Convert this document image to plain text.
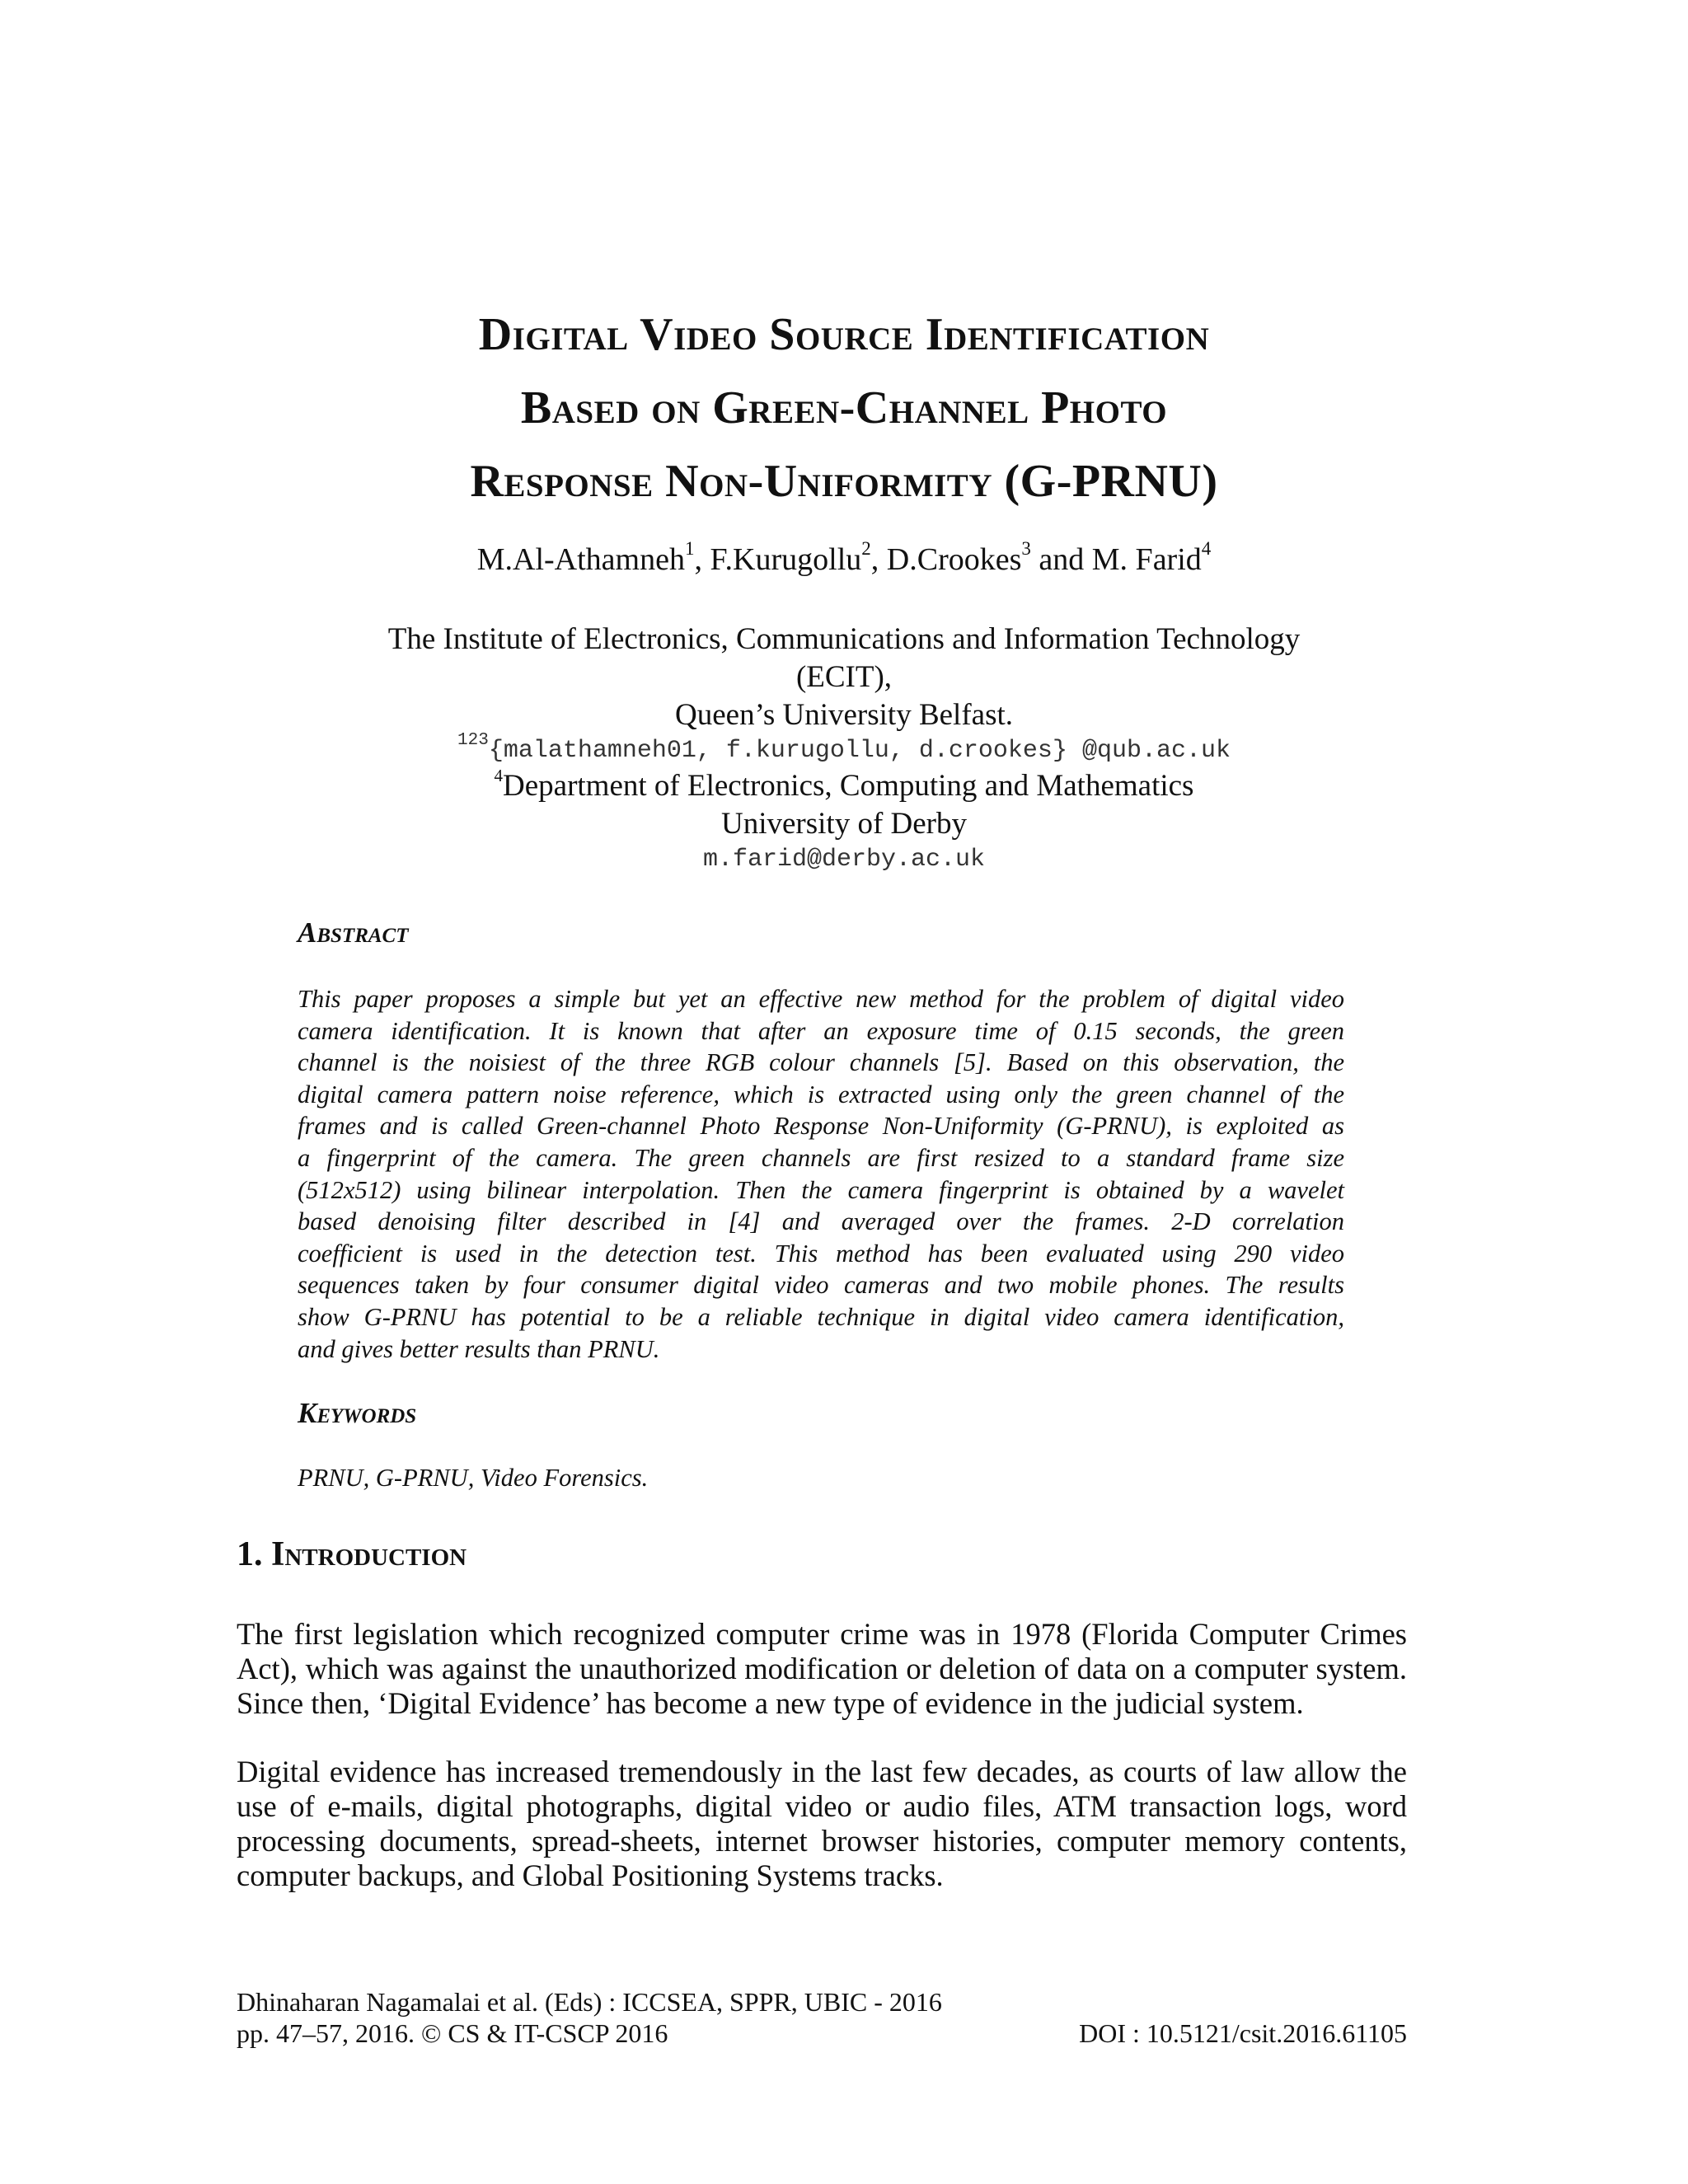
Digital Video Source Identification
Based on Green-Channel Photo
Response Non-Uniformity (G-PRNU)
M.Al-Athamneh$^1$, F.Kurugollu$^2$, D.Crookes$^3$ and M. Farid$^4$
The Institute of Electronics, Communications and Information Technology
(ECIT),
Queen’s University Belfast.
$^{123}${malathamneh01, f.kurugollu, d.crookes} @qub.ac.uk
$^4$Department of Electronics, Computing and Mathematics
University of Derby
m.farid@derby.ac.uk
Abstract
This paper proposes a simple but yet an effective new method for the problem of digital video
camera identification. It is known that after an exposure time of 0.15 seconds, the green
channel is the noisiest of the three RGB colour channels [5]. Based on this observation, the
digital camera pattern noise reference, which is extracted using only the green channel of the
frames and is called Green-channel Photo Response Non-Uniformity (G-PRNU), is exploited as
a fingerprint of the camera. The green channels are first resized to a standard frame size
(512x512) using bilinear interpolation. Then the camera fingerprint is obtained by a wavelet
based denoising filter described in [4] and averaged over the frames. 2-D correlation
coefficient is used in the detection test. This method has been evaluated using 290 video
sequences taken by four consumer digital video cameras and two mobile phones. The results
show G-PRNU has potential to be a reliable technique in digital video camera identification,
and gives better results than PRNU.
Keywords
PRNU, G-PRNU, Video Forensics.
1. Introduction
The first legislation which recognized computer crime was in 1978 (Florida Computer Crimes
Act), which was against the unauthorized modification or deletion of data on a computer system.
Since then, ‘Digital Evidence’ has become a new type of evidence in the judicial system.
Digital evidence has increased tremendously in the last few decades, as courts of law allow the
use of e-mails, digital photographs, digital video or audio files, ATM transaction logs, word
processing documents, spread-sheets, internet browser histories, computer memory contents,
computer backups, and Global Positioning Systems tracks.
Dhinaharan Nagamalai et al. (Eds) : ICCSEA, SPPR, UBIC - 2016
pp. 47–57, 2016. © CS & IT-CSCP 2016	DOI : 10.5121/csit.2016.61105
